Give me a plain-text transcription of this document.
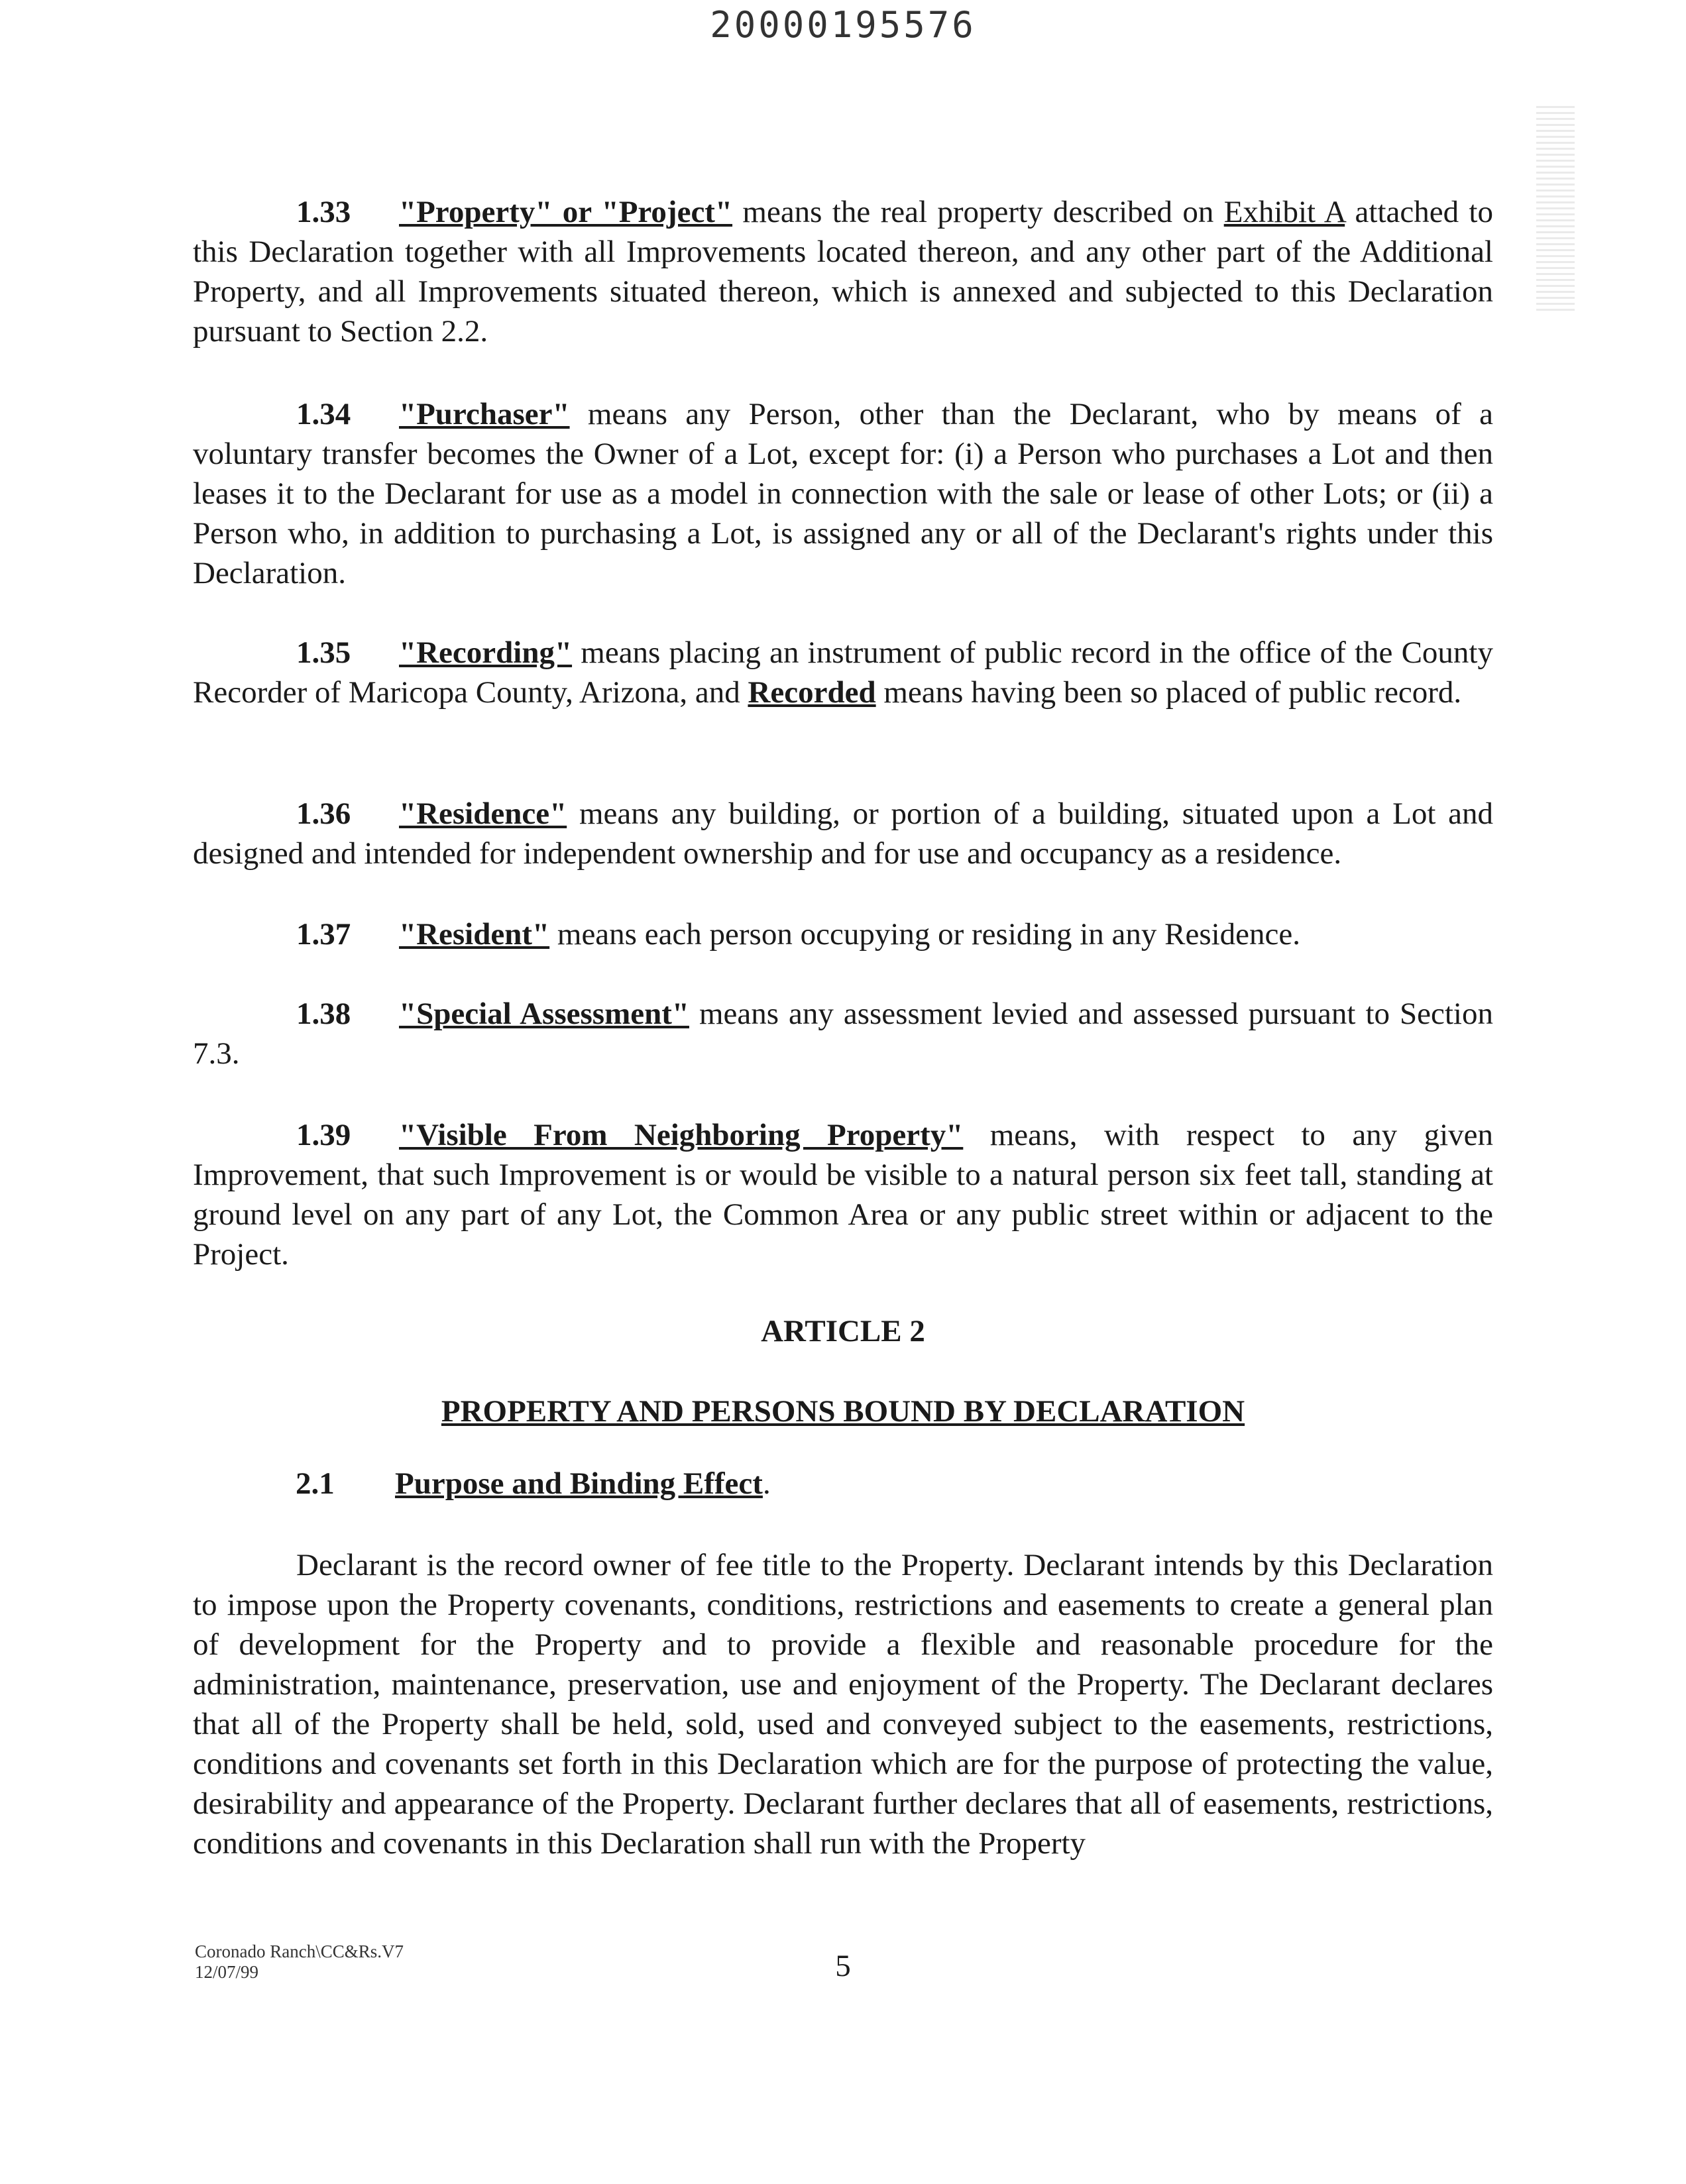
20000195576

1.33 "Property" or "Project" means the real property described on Exhibit A attached to this Declaration together with all Improvements located thereon, and any other part of the Additional Property, and all Improvements situated thereon, which is annexed and subjected to this Declaration pursuant to Section 2.2.

1.34 "Purchaser" means any Person, other than the Declarant, who by means of a voluntary transfer becomes the Owner of a Lot, except for: (i) a Person who purchases a Lot and then leases it to the Declarant for use as a model in connection with the sale or lease of other Lots; or (ii) a Person who, in addition to purchasing a Lot, is assigned any or all of the Declarant's rights under this Declaration.

1.35 "Recording" means placing an instrument of public record in the office of the County Recorder of Maricopa County, Arizona, and Recorded means having been so placed of public record.

1.36 "Residence" means any building, or portion of a building, situated upon a Lot and designed and intended for independent ownership and for use and occupancy as a residence.

1.37 "Resident" means each person occupying or residing in any Residence.

1.38 "Special Assessment" means any assessment levied and assessed pursuant to Section 7.3.

1.39 "Visible From Neighboring Property" means, with respect to any given Improvement, that such Improvement is or would be visible to a natural person six feet tall, standing at ground level on any part of any Lot, the Common Area or any public street within or adjacent to the Project.

ARTICLE 2
PROPERTY AND PERSONS BOUND BY DECLARATION
2.1 Purpose and Binding Effect.

Declarant is the record owner of fee title to the Property. Declarant intends by this Declaration to impose upon the Property covenants, conditions, restrictions and easements to create a general plan of development for the Property and to provide a flexible and reasonable procedure for the administration, maintenance, preservation, use and enjoyment of the Property. The Declarant declares that all of the Property shall be held, sold, used and conveyed subject to the easements, restrictions, conditions and covenants set forth in this Declaration which are for the purpose of protecting the value, desirability and appearance of the Property. Declarant further declares that all of easements, restrictions, conditions and covenants in this Declaration shall run with the Property

Coronado Ranch\CC&Rs.V7
12/07/99	5
